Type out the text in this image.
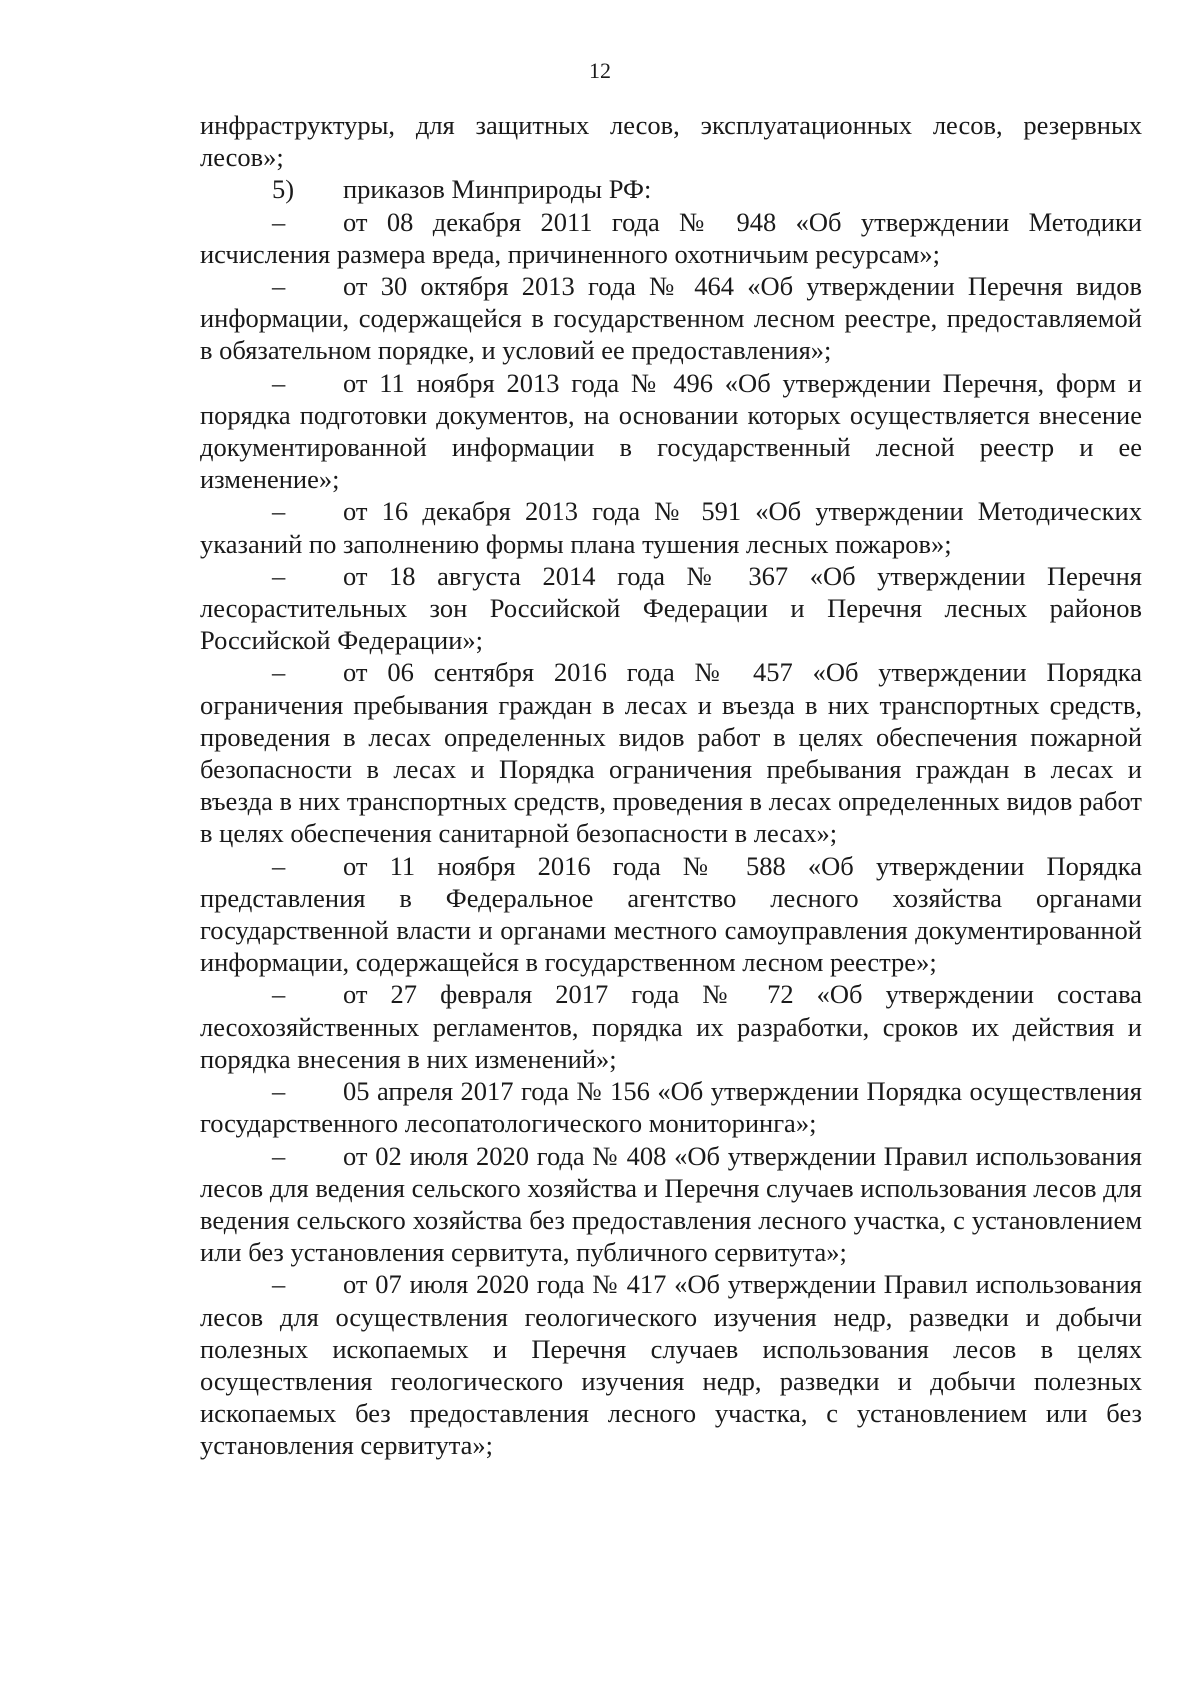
12

инфраструктуры, для защитных лесов, эксплуатационных лесов, резервных лесов»;

5) приказов Минприроды РФ:

– от 08 декабря 2011 года № 948 «Об утверждении Методики исчисления размера вреда, причиненного охотничьим ресурсам»;

– от 30 октября 2013 года № 464 «Об утверждении Перечня видов информации, содержащейся в государственном лесном реестре, предоставляемой в обязательном порядке, и условий ее предоставления»;

– от 11 ноября 2013 года № 496 «Об утверждении Перечня, форм и порядка подготовки документов, на основании которых осуществляется внесение документированной информации в государственный лесной реестр и ее изменение»;

– от 16 декабря 2013 года № 591 «Об утверждении Методических указаний по заполнению формы плана тушения лесных пожаров»;

– от 18 августа 2014 года № 367 «Об утверждении Перечня лесорастительных зон Российской Федерации и Перечня лесных районов Российской Федерации»;

– от 06 сентября 2016 года № 457 «Об утверждении Порядка ограничения пребывания граждан в лесах и въезда в них транспортных средств, проведения в лесах определенных видов работ в целях обеспечения пожарной безопасности в лесах и Порядка ограничения пребывания граждан в лесах и въезда в них транспортных средств, проведения в лесах определенных видов работ в целях обеспечения санитарной безопасности в лесах»;

– от 11 ноября 2016 года № 588 «Об утверждении Порядка представления в Федеральное агентство лесного хозяйства органами государственной власти и органами местного самоуправления документированной информации, содержащейся в государственном лесном реестре»;

– от 27 февраля 2017 года № 72 «Об утверждении состава лесохозяйственных регламентов, порядка их разработки, сроков их действия и порядка внесения в них изменений»;

– 05 апреля 2017 года № 156 «Об утверждении Порядка осуществления государственного лесопатологического мониторинга»;

– от 02 июля 2020 года № 408 «Об утверждении Правил использования лесов для ведения сельского хозяйства и Перечня случаев использования лесов для ведения сельского хозяйства без предоставления лесного участка, с установлением или без установления сервитута, публичного сервитута»;

– от 07 июля 2020 года № 417 «Об утверждении Правил использования лесов для осуществления геологического изучения недр, разведки и добычи полезных ископаемых и Перечня случаев использования лесов в целях осуществления геологического изучения недр, разведки и добычи полезных ископаемых без предоставления лесного участка, с установлением или без установления сервитута»;
